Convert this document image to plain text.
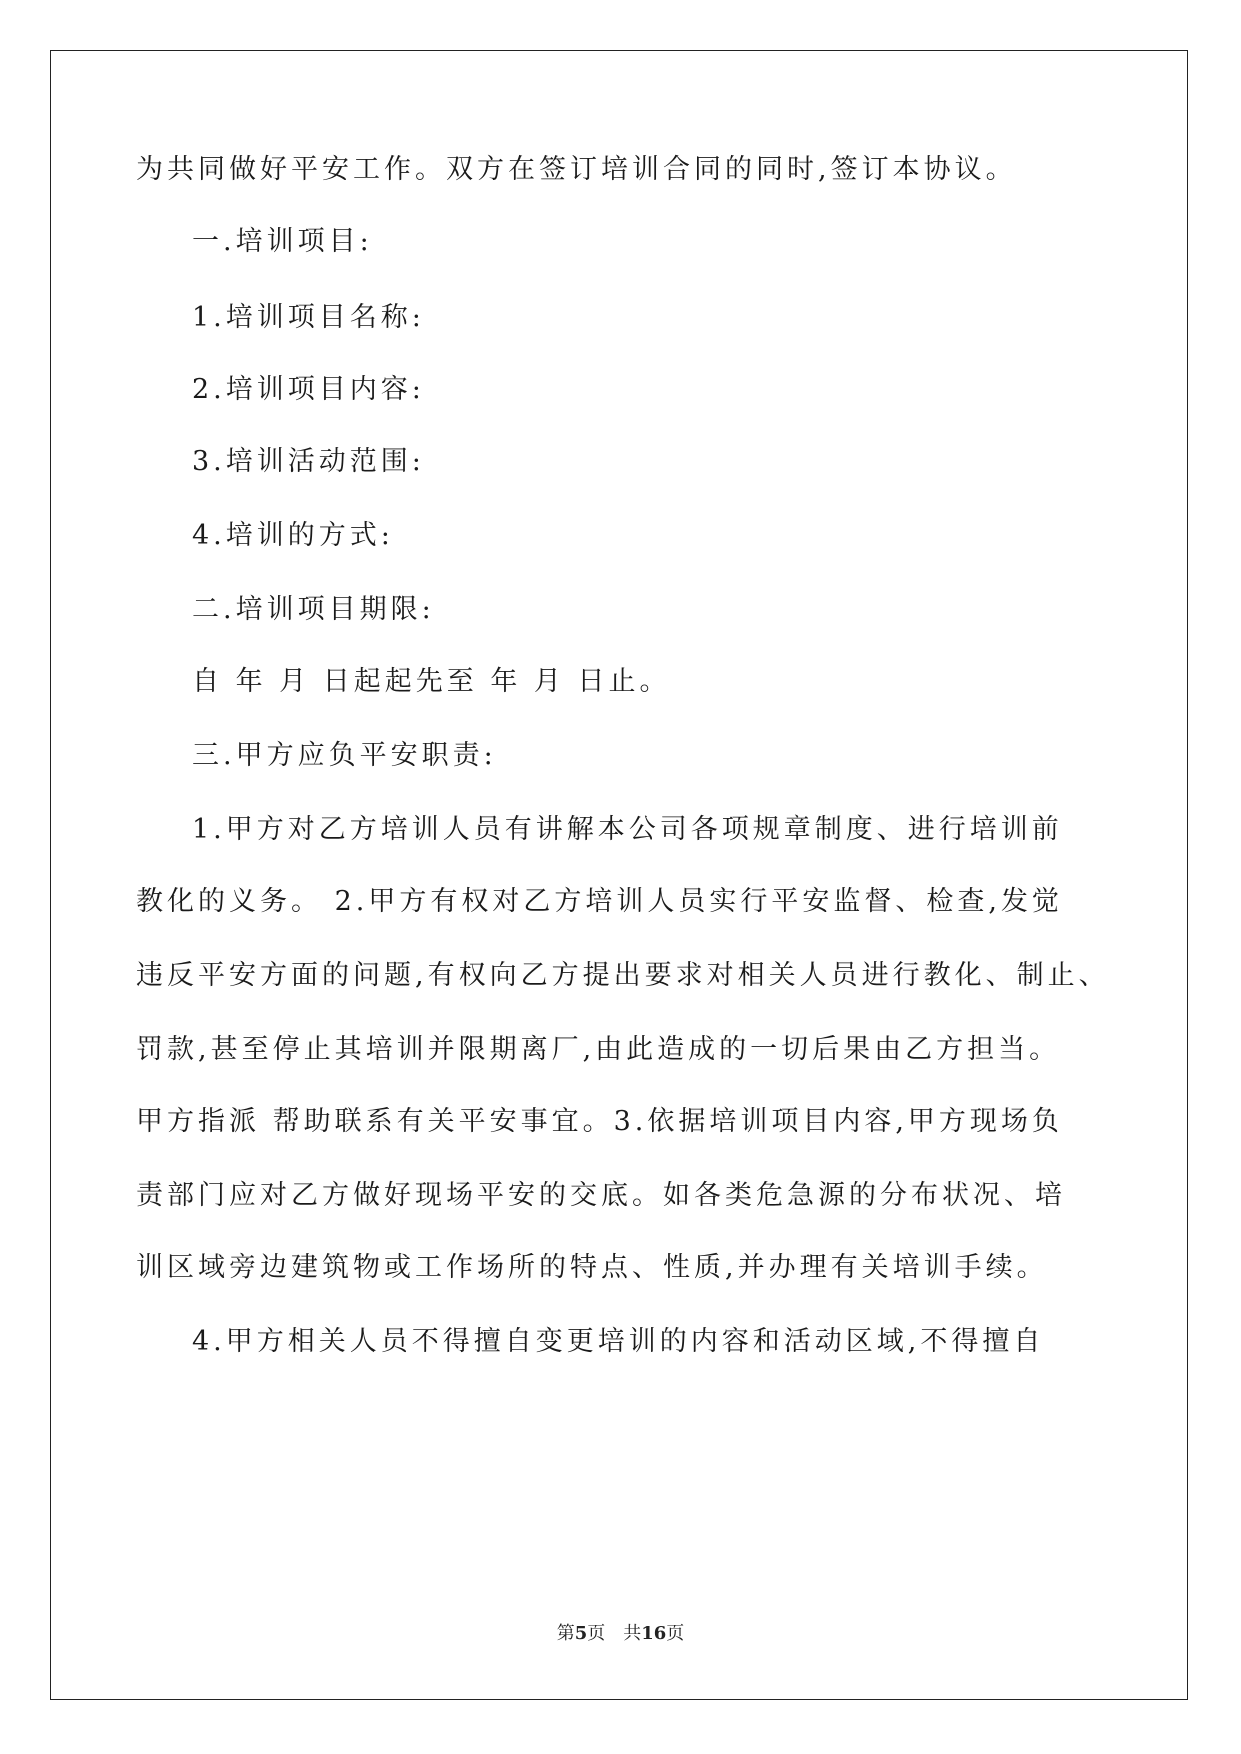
为共同做好平安工作。双方在签订培训合同的同时,签订本协议。
一.培训项目:
1.培训项目名称:
2.培训项目内容:
3.培训活动范围:
4.培训的方式:
二.培训项目期限:
自 年 月 日起起先至 年 月 日止。
三.甲方应负平安职责:
1.甲方对乙方培训人员有讲解本公司各项规章制度、进行培训前
教化的义务。 2.甲方有权对乙方培训人员实行平安监督、检查,发觉
违反平安方面的问题,有权向乙方提出要求对相关人员进行教化、制止、
罚款,甚至停止其培训并限期离厂,由此造成的一切后果由乙方担当。
甲方指派 帮助联系有关平安事宜。3.依据培训项目内容,甲方现场负
责部门应对乙方做好现场平安的交底。如各类危急源的分布状况、培
训区域旁边建筑物或工作场所的特点、性质,并办理有关培训手续。
4.甲方相关人员不得擅自变更培训的内容和活动区域,不得擅自
第5页 共16页
